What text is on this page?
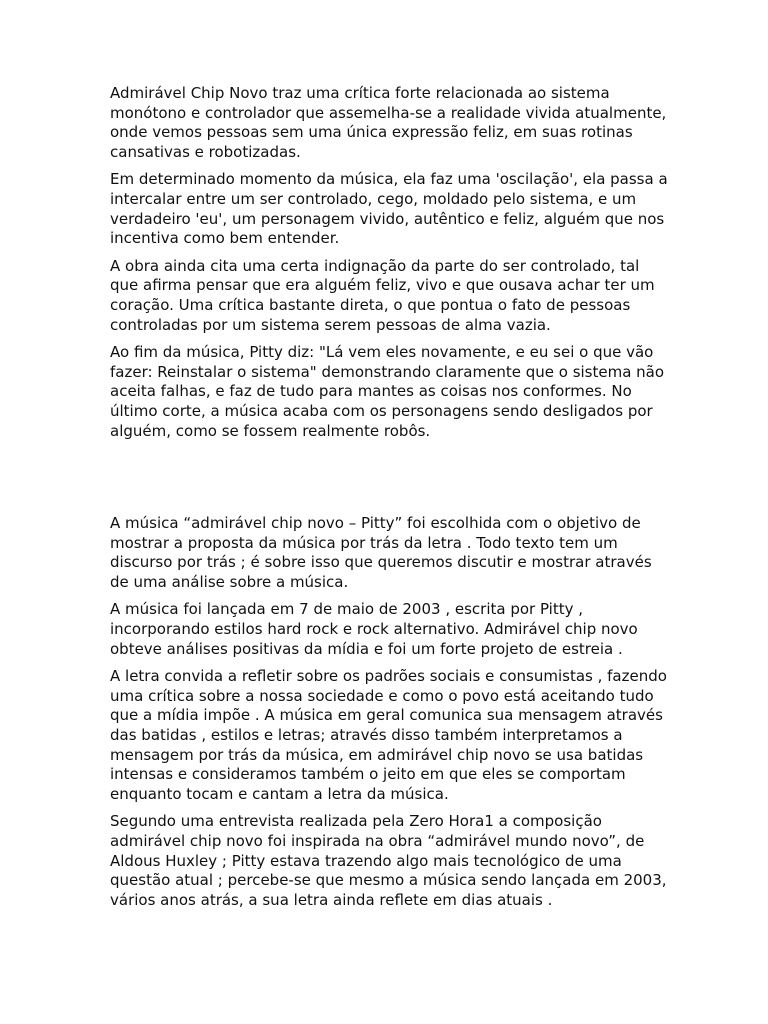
Admirável Chip Novo traz uma crítica forte relacionada ao sistema monótono e controlador que assemelha-se a realidade vivida atualmente, onde vemos pessoas sem uma única expressão feliz, em suas rotinas cansativas e robotizadas.

Em determinado momento da música, ela faz uma 'oscilação', ela passa a intercalar entre um ser controlado, cego, moldado pelo sistema, e um verdadeiro 'eu', um personagem vivido, autêntico e feliz, alguém que nos incentiva como bem entender.

A obra ainda cita uma certa indignação da parte do ser controlado, tal que afirma pensar que era alguém feliz, vivo e que ousava achar ter um coração. Uma crítica bastante direta, o que pontua o fato de pessoas controladas por um sistema serem pessoas de alma vazia.

Ao fim da música, Pitty diz: "Lá vem eles novamente, e eu sei o que vão fazer: Reinstalar o sistema" demonstrando claramente que o sistema não aceita falhas, e faz de tudo para mantes as coisas nos conformes. No último corte, a música acaba com os personagens sendo desligados por alguém, como se fossem realmente robôs.

A música “admirável chip novo – Pitty” foi escolhida com o objetivo de mostrar a proposta da música por trás da letra . Todo texto tem um discurso por trás ; é sobre isso que queremos discutir e mostrar através de uma análise sobre a música.

A música foi lançada em 7 de maio de 2003 , escrita por Pitty , incorporando estilos hard rock e rock alternativo. Admirável chip novo obteve análises positivas da mídia e foi um forte projeto de estreia .

A letra convida a refletir sobre os padrões sociais e consumistas , fazendo uma crítica sobre a nossa sociedade e como o povo está aceitando tudo que a mídia impõe . A música em geral comunica sua mensagem através das batidas , estilos e letras; através disso também interpretamos a mensagem por trás da música, em admirável chip novo se usa batidas intensas e consideramos também o jeito em que eles se comportam enquanto tocam e cantam a letra da música.

Segundo uma entrevista realizada pela Zero Hora1 a composição admirável chip novo foi inspirada na obra “admirável mundo novo”, de Aldous Huxley ; Pitty estava trazendo algo mais tecnológico de uma questão atual ; percebe-se que mesmo a música sendo lançada em 2003, vários anos atrás, a sua letra ainda reflete em dias atuais .
